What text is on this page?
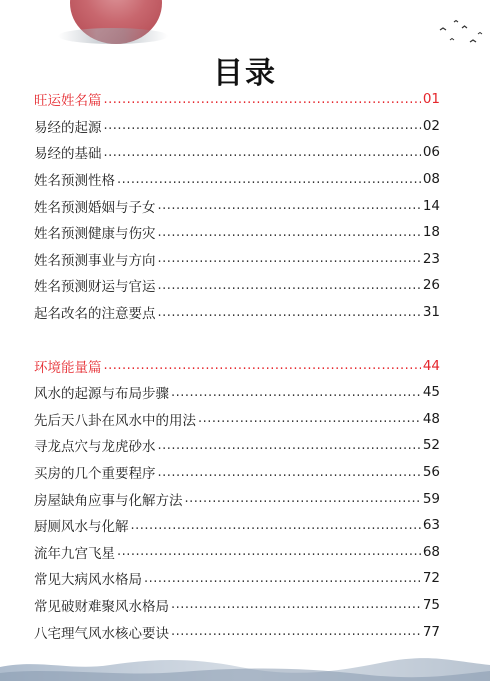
目录
旺运姓名篇 .....	01
易经的起源 .....	02
易经的基础 .....	06
姓名预测性格 .....	08
姓名预测婚姻与子女 .....	14
姓名预测健康与伤灾 .....	18
姓名预测事业与方向 .....	23
姓名预测财运与官运 .....	26
起名改名的注意要点 .....	31
环境能量篇 .....	44
风水的起源与布局步骤 .....	45
先后天八卦在风水中的用法 .....	48
寻龙点穴与龙虎砂水 .....	52
买房的几个重要程序 .....	56
房屋缺角应事与化解方法 .....	59
厨厕风水与化解 .....	63
流年九宫飞星 .....	68
常见大病风水格局 .....	72
常见破财难聚风水格局 .....	75
八宅理气风水核心要诀 .....	77
